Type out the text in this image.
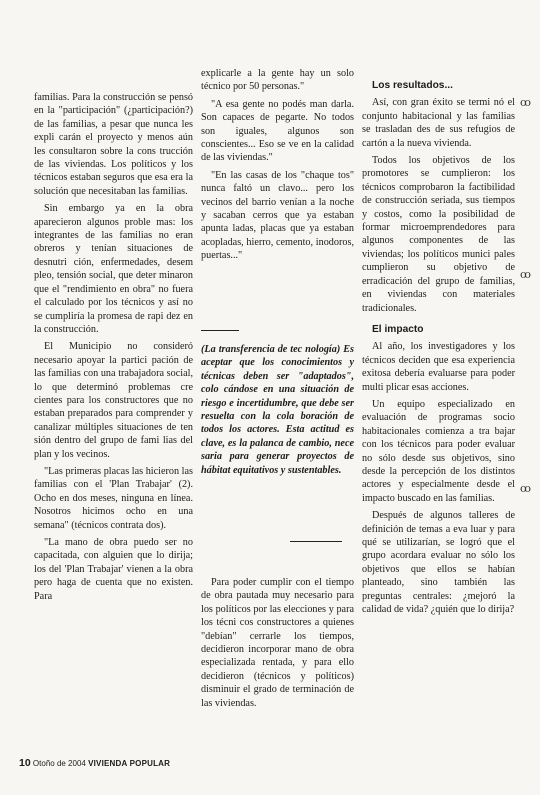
familias. Para la construcción se pensó en la "participación" (¿participación?) de las familias, a pesar que nunca les expli carán el proyecto y menos aún les consultaron sobre la cons trucción de las viviendas. Los políticos y los técnicos estaban seguros que esa era la solución que necesitaban las familias.

Sin embargo ya en la obra aparecieron algunos proble mas: los integrantes de las familias no eran obreros y tenían situaciones de desnutri ción, enfermedades, desem pleo, tensión social, que deter minaron que el "rendimiento en obra" no fuera el calculado por los técnicos y así no se cumpliría la promesa de rapi dez en la construcción.

El Municipio no consideró necesario apoyar la partici pación de las familias con una trabajadora social, lo que determinó problemas cre cientes para los constructores que no estaban preparados para comprender y canalizar múltiples situaciones de ten sión dentro del grupo de fami lias del plan y los vecinos.

"Las primeras placas las hicieron las familias con el 'Plan Trabajar' (2). Ocho en dos meses, ninguna en línea. Nosotros hicimos ocho en una semana" (técnicos contrata dos).

"La mano de obra puedo ser no capacitada, con alguien que lo dirija; los del 'Plan Trabajar' vienen a la obra pero haga de cuenta que no existen. Para

explicarle a la gente hay un solo técnico por 50 personas."

"A esa gente no podés man darla. Son capaces de pegarte. No todos son iguales, algunos son conscientes... Eso se ve en la calidad de las viviendas."

"En las casas de los "chaque tos" nunca faltó un clavo... pero los vecinos del barrio venían a la noche y sacaban cerros que ya estaban apunta ladas, placas que ya estaban acopladas, hierro, cemento, inodoros, puertas..."

(La transferencia de tec nología) Es aceptar que los conocimientos y técnicas deben ser "adaptados", colo cándose en una situación de riesgo e incertidumbre, que debe ser resuelta con la cola boración de todos los actores. Esta actitud es clave, es la palanca de cambio, nece saria para generar proyectos de hábitat equitativos y sustentables.

Para poder cumplir con el tiempo de obra pautada muy necesario para los políticos por las elecciones y para los técni cos constructores a quienes "debían" cerrarle los tiempos, decidieron incorporar mano de obra especializada rentada, y para ello decidieron (técnicos y políticos) disminuir el grado de terminación de las viviendas.

Los resultados...

Así, con gran éxito se termi nó el conjunto habitacional y las familias se trasladan des de sus refugios de cartón a la nueva vivienda.

Todos los objetivos de los promotores se cumplieron: los técnicos comprobaron la factibilidad de construcción seriada, sus tiempos y costos, como la posibilidad de formar microemprendedores para algunos componentes de las viviendas; los políticos munici pales cumplieron su objetivo de erradicación del grupo de familias, en viviendas con materiales tradicionales.

El impacto

Al año, los investigadores y los técnicos deciden que esa experiencia exitosa debería evaluarse para poder multi plicar esas acciones.

Un equipo especializado en evaluación de programas socio habitacionales comienza a tra bajar con los técnicos para poder evaluar no sólo desde sus objetivos, sino desde la percepción de los distintos actores y especialmente desde el impacto buscado en las familias.

Después de algunos talleres de definición de temas a eva luar y para qué se utilizarían, se logró que el grupo acordara evaluar no sólo los objetivos que ellos se habían planteado, sino también las preguntas centrales: ¿mejoró la calidad de vida? ¿quién que lo dirija?

ꝏ
ꝏ
ꝏ
10 Otoño de 2004 VIVIENDA POPULAR
